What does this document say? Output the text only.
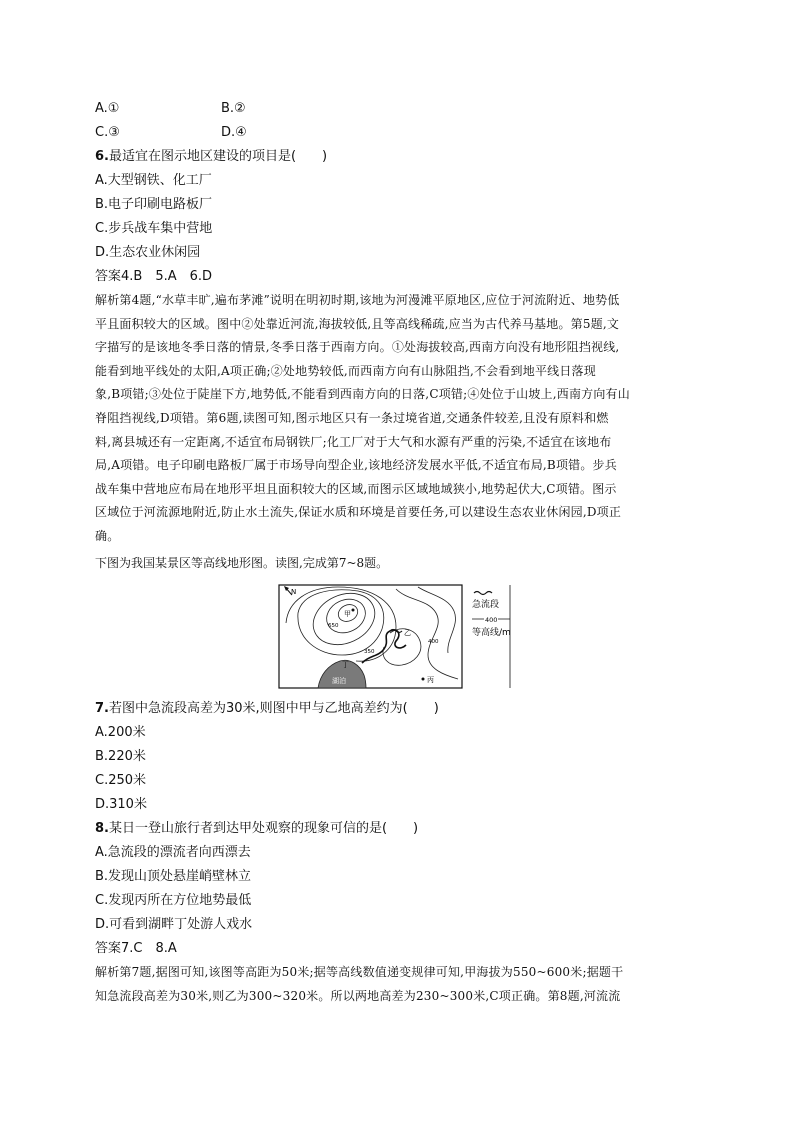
A.①	B.②
C.③	D.④
6.最适宜在图示地区建设的项目是(　　)
A.大型钢铁、化工厂
B.电子印刷电路板厂
C.步兵战车集中营地
D.生态农业休闲园
答案4.B　5.A　6.D
解析第4题,“水草丰旷,遍布茅滩”说明在明初时期,该地为河漫滩平原地区,应位于河流附近、地势低
平且面积较大的区域。图中②处靠近河流,海拔较低,且等高线稀疏,应当为古代养马基地。第5题,文
字描写的是该地冬季日落的情景,冬季日落于西南方向。①处海拔较高,西南方向没有地形阻挡视线,
能看到地平线处的太阳,A项正确;②处地势较低,而西南方向有山脉阻挡,不会看到地平线日落现
象,B项错;③处位于陡崖下方,地势低,不能看到西南方向的日落,C项错;④处位于山坡上,西南方向有山
脊阻挡视线,D项错。第6题,读图可知,图示地区只有一条过境省道,交通条件较差,且没有原料和燃
料,离县城还有一定距离,不适宜布局钢铁厂;化工厂对于大气和水源有严重的污染,不适宜在该地布
局,A项错。电子印刷电路板厂属于市场导向型企业,该地经济发展水平低,不适宜布局,B项错。步兵
战车集中营地应布局在地形平坦且面积较大的区域,而图示区域地域狭小,地势起伏大,C项错。图示
区域位于河流源地附近,防止水土流失,保证水质和环境是首要任务,可以建设生态农业休闲园,D项正
确。
下图为我国某景区等高线地形图。读图,完成第7~8题。
N
湖泊
甲
650
350
400
乙
丁
丙
急流段
400
等高线/m
7.若图中急流段高差为30米,则图中甲与乙地高差约为(　　)
A.200米
B.220米
C.250米
D.310米
8.某日一登山旅行者到达甲处观察的现象可信的是(　　)
A.急流段的漂流者向西漂去
B.发现山顶处悬崖峭壁林立
C.发现丙所在方位地势最低
D.可看到湖畔丁处游人戏水
答案7.C　8.A
解析第7题,据图可知,该图等高距为50米;据等高线数值递变规律可知,甲海拔为550~600米;据题干
知急流段高差为30米,则乙为300~320米。所以两地高差为230~300米,C项正确。第8题,河流流
